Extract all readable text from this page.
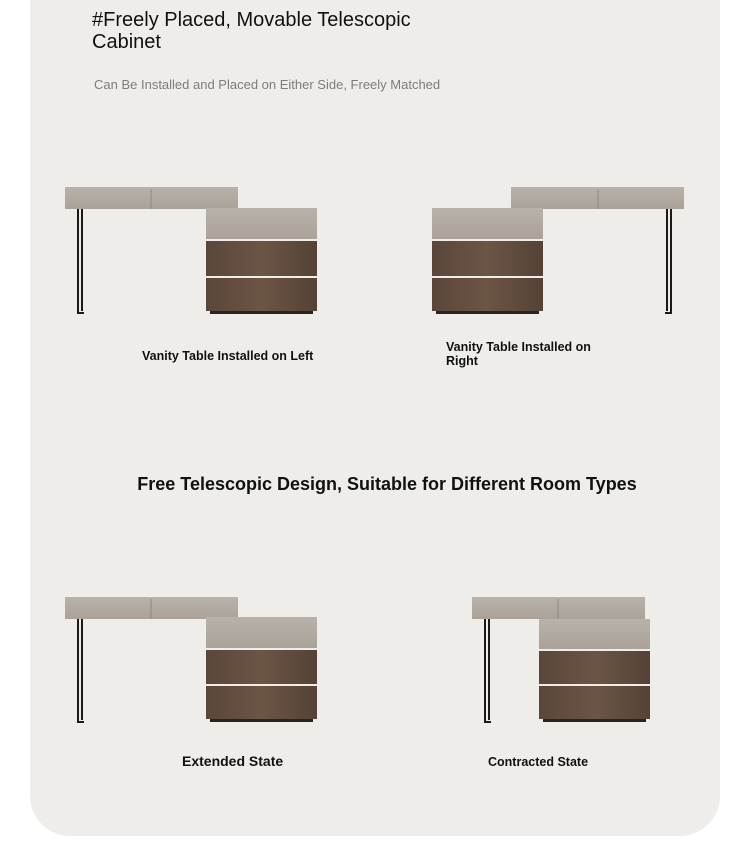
#Freely Placed, Movable Telescopic Cabinet

Can Be Installed and Placed on Either Side, Freely Matched

Vanity Table Installed on Left

Vanity Table Installed on Right

Free Telescopic Design, Suitable for Different Room Types

Extended State	Contracted State
